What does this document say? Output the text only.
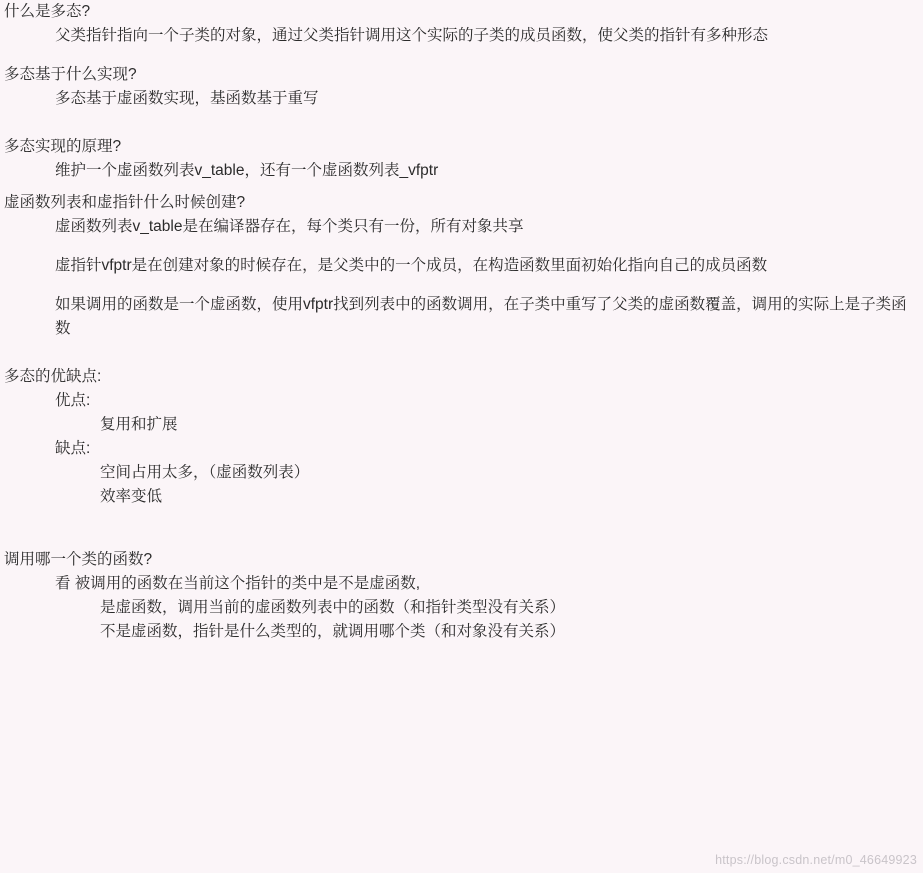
什么是多态?
父类指针指向一个子类的对象，通过父类指针调用这个实际的子类的成员函数，使父类的指针有多种形态
多态基于什么实现?
多态基于虚函数实现，基函数基于重写
多态实现的原理?
维护一个虚函数列表v_table，还有一个虚函数列表_vfptr
虚函数列表和虚指针什么时候创建?
虚函数列表v_table是在编译器存在，每个类只有一份，所有对象共享
虚指针vfptr是在创建对象的时候存在，是父类中的一个成员，在构造函数里面初始化指向自己的成员函数
如果调用的函数是一个虚函数，使用vfptr找到列表中的函数调用，在子类中重写了父类的虚函数覆盖，调用的实际上是子类函数
多态的优缺点:
优点:
复用和扩展
缺点:
空间占用太多，（虚函数列表）
效率变低
调用哪一个类的函数?
看 被调用的函数在当前这个指针的类中是不是虚函数,
是虚函数，调用当前的虚函数列表中的函数（和指针类型没有关系）
不是虚函数，指针是什么类型的，就调用哪个类（和对象没有关系）
https://blog.csdn.net/m0_46649923
